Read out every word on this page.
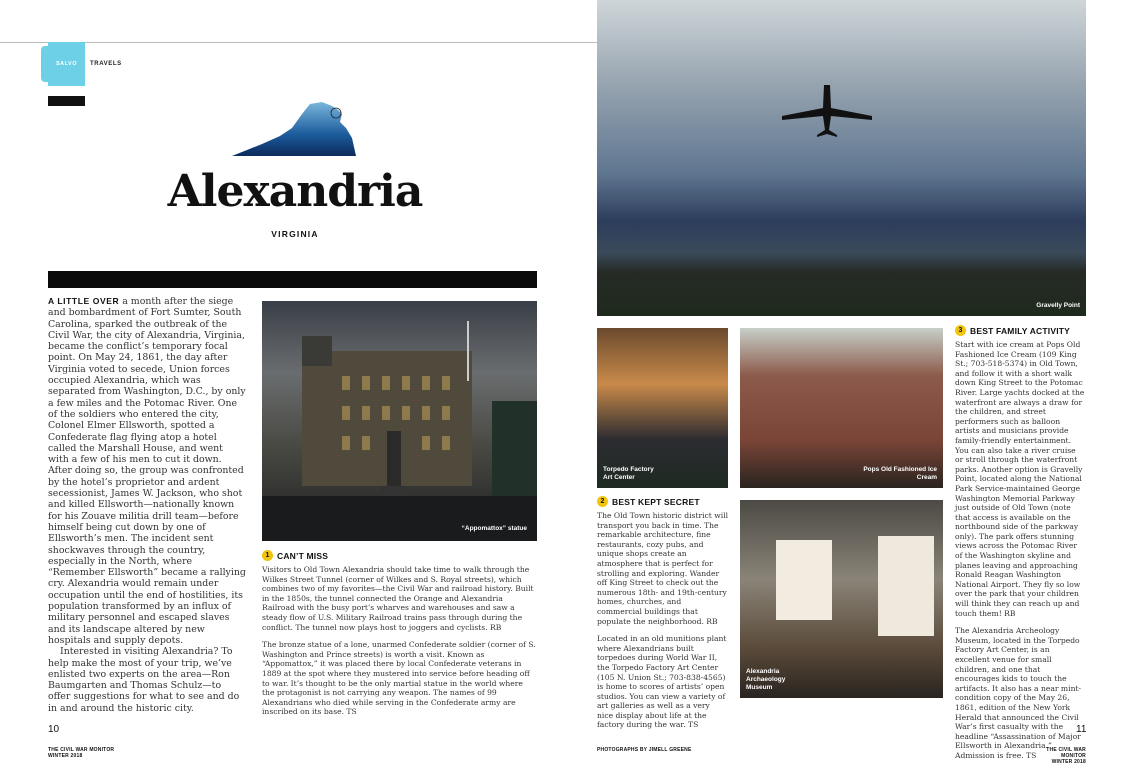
SALVO TRAVELS
Alexandria
VIRGINIA
A LITTLE OVER a month after the siege and bombardment of Fort Sumter, South Carolina, sparked the outbreak of the Civil War, the city of Alexandria, Virginia, became the conflict’s temporary focal point. On May 24, 1861, the day after Virginia voted to secede, Union forces occupied Alexandria, which was separated from Washington, D.C., by only a few miles and the Potomac River. One of the soldiers who entered the city, Colonel Elmer Ellsworth, spotted a Confederate flag flying atop a hotel called the Marshall House, and went with a few of his men to cut it down. After doing so, the group was confronted by the hotel’s proprietor and ardent secessionist, James W. Jackson, who shot and killed Ellsworth—nationally known for his Zouave militia drill team—before himself being cut down by one of Ellsworth’s men. The incident sent shockwaves through the country, especially in the North, where “Remember Ellsworth” became a rallying cry. Alexandria would remain under occupation until the end of hostilities, its population transformed by an influx of military personnel and escaped slaves and its landscape altered by new hospitals and supply depots.
Interested in visiting Alexandria? To help make the most of your trip, we’ve enlisted two experts on the area—Ron Baumgarten and Thomas Schulz—to offer suggestions for what to see and do in and around the historic city.
“Appomattox” statue
1 CAN’T MISS
Visitors to Old Town Alexandria should take time to walk through the Wilkes Street Tunnel (corner of Wilkes and S. Royal streets), which combines two of my favorites—the Civil War and railroad history. Built in the 1850s, the tunnel connected the Orange and Alexandria Railroad with the busy port’s wharves and warehouses and saw a steady flow of U.S. Military Railroad trains pass through during the conflict. The tunnel now plays host to joggers and cyclists. RB
The bronze statue of a lone, unarmed Confederate soldier (corner of S. Washington and Prince streets) is worth a visit. Known as “Appomattox,” it was placed there by local Confederate veterans in 1889 at the spot where they mustered into service before heading off to war. It’s thought to be the only martial statue in the world where the protagonist is not carrying any weapon. The names of 99 Alexandrians who died while serving in the Confederate army are inscribed on its base. TS
Gravelly Point
Torpedo Factory Art Center
2 BEST KEPT SECRET
The Old Town historic district will transport you back in time. The remarkable architecture, fine restaurants, cozy pubs, and unique shops create an atmosphere that is perfect for strolling and exploring. Wander off King Street to check out the numerous 18th- and 19th-century homes, churches, and commercial buildings that populate the neighborhood. RB
Located in an old munitions plant where Alexandrians built torpedoes during World War II, the Torpedo Factory Art Center (105 N. Union St.; 703-838-4565) is home to scores of artists’ open studios. You can view a variety of art galleries as well as a very nice display about life at the factory during the war. TS
Pops Old Fashioned Ice Cream
Alexandria Archaeology Museum
3 BEST FAMILY ACTIVITY
Start with ice cream at Pops Old Fashioned Ice Cream (109 King St.; 703-518-5374) in Old Town, and follow it with a short walk down King Street to the Potomac River. Large yachts docked at the waterfront are always a draw for the children, and street performers such as balloon artists and musicians provide family-friendly entertainment. You can also take a river cruise or stroll through the waterfront parks. Another option is Gravelly Point, located along the National Park Service-maintained George Washington Memorial Parkway just outside of Old Town (note that access is available on the northbound side of the parkway only). The park offers stunning views across the Potomac River of the Washington skyline and planes leaving and approaching Ronald Reagan Washington National Airport. They fly so low over the park that your children will think they can reach up and touch them! RB
The Alexandria Archeology Museum, located in the Torpedo Factory Art Center, is an excellent venue for small children, and one that encourages kids to touch the artifacts. It also has a near mint-condition copy of the May 26, 1861, edition of the New York Herald that announced the Civil War’s first casualty with the headline “Assassination of Major Ellsworth in Alexandria.” Admission is free. TS
10	11
THE CIVIL WAR MONITOR
WINTER 2018
PHOTOGRAPHS BY JIMELL GREENE	THE CIVIL WAR MONITOR
WINTER 2018
